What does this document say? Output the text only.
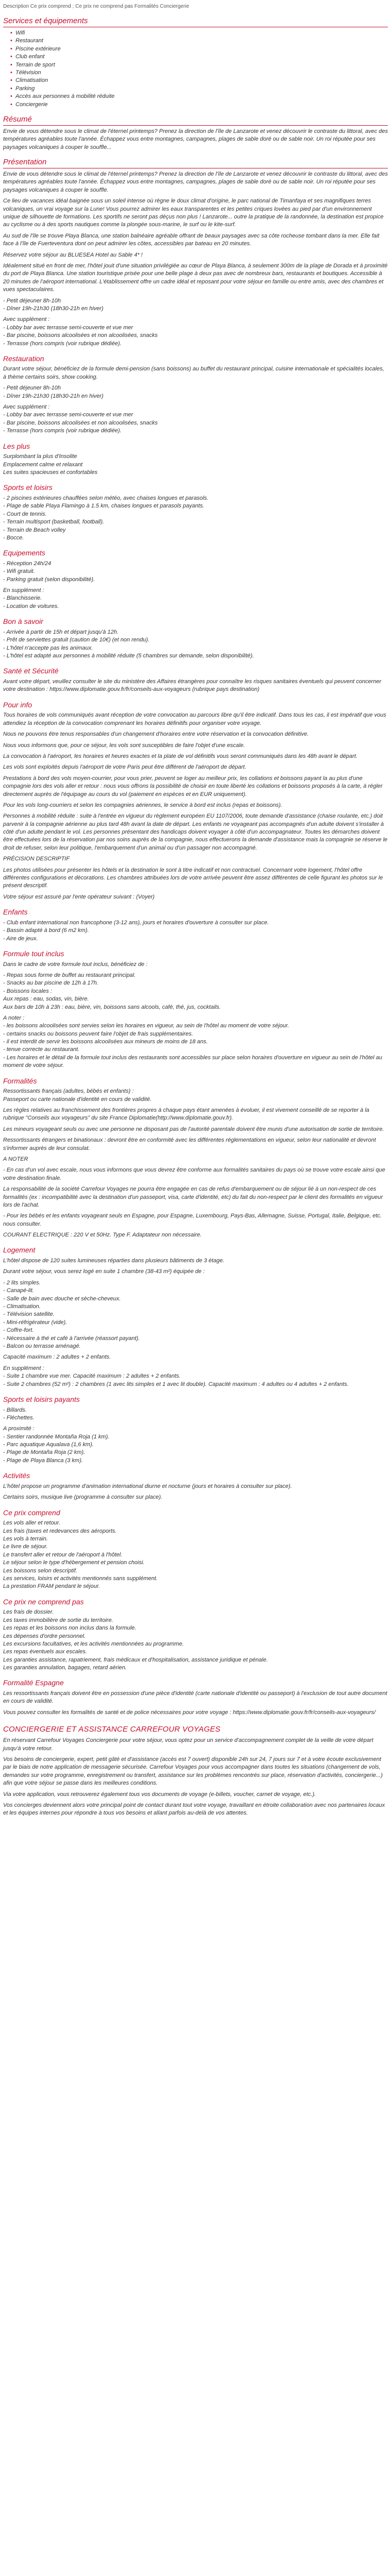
Description Ce prix comprend ; Ce prix ne comprend pas Formalités Conciergerie
Services et équipements
• Wifi
• Restaurant
• Piscine extérieure
• Club enfant
• Terrain de sport
• Télévision
• Climatisation
• Parking
• Accès aux personnes à mobilité réduite
• Conciergerie
Résumé

Envie de vous détendre sous le climat de l'éternel printemps? Prenez la direction de l'île de Lanzarote et venez découvrir le contraste du littoral, avec des températures agréables toute l'année. Échappez vous entre montagnes, campagnes, plages de sable doré ou de sable noir. Un roi réputée pour ses paysages volcaniques à couper le souffle...

Présentation

Envie de vous détendre sous le climat de l'éternel printemps? Prenez la direction de l'île de Lanzarote et venez découvrir le contraste du littoral, avec des températures agréables toute l'année. Échappez vous entre montagnes, campagnes, plages de sable doré ou de sable noir. Un roi réputée pour ses paysages volcaniques à couper le souffle.

Ce lieu de vacances idéal baignée sous un soleil intense où règne le doux climat d'origine, le parc national de Timanfaya et ses magnifiques terres volcaniques, un vrai voyage sur la Lune! Vous pourrez admirer les eaux transparentes et les petites criques lovées au pied par d'un environnement unique de silhouette de formations. Les sportifs ne seront pas déçus non plus ! Lanzarote... outre la pratique de la randonnée, la destination est propice au cyclisme ou à des sports nautiques comme la plongée sous-marine, le surf ou le kite-surf.

Au sud de l'île se trouve Playa Blanca, une station balnéaire agréable offrant de beaux paysages avec sa côte rocheuse tombant dans la mer. Elle fait face à l'île de Fuerteventura dont on peut admirer les côtes, accessibles par bateau en 20 minutes.

Réservez votre séjour au BLUESEA Hotel au Sable 4* !

Idéalement situé en front de mer, l'hôtel jouit d'une situation privilégiée au cœur de Playa Blanca, à seulement 300m de la plage de Dorada et à proximité du port de Playa Blanca. Une station touristique prisée pour une belle plage à deux pas avec de nombreux bars, restaurants et boutiques. Accessible à 20 minutes de l'aéroport international. L'établissement offre un cadre idéal et reposant pour votre séjour en famille ou entre amis, avec des chambres et vues spectaculaires.

- Petit déjeuner 8h-10h
- Dîner 19h-21h30 (18h30-21h en hiver)
Avec supplément :
- Lobby bar avec terrasse semi-couverte et vue mer
- Bar piscine, boissons alcoolisées et non alcoolisées, snacks
- Terrasse (hors compris (voir rubrique dédiée).
Restauration

Durant votre séjour, bénéficiez de la formule demi-pension (sans boissons) au buffet du restaurant principal, cuisine internationale et spécialités locales, à thème certains soirs, show cooking.

- Petit déjeuner 8h-10h
- Dîner 19h-21h30 (18h30-21h en hiver)
Avec supplément :
- Lobby bar avec terrasse semi-couverte et vue mer
- Bar piscine, boissons alcoolisées et non alcoolisées, snacks
- Terrasse (hors compris (voir rubrique dédiée).
Les plus
Surplombant la plus d'Insolite
Emplacement calme et relaxant
Les suites spacieuses et confortables
Sports et loisirs
- 2 piscines extérieures chauffées selon météo, avec chaises longues et parasols.
- Plage de sable Playa Flamingo à 1.5 km, chaises longues et parasols payants.
- Court de tennis.
- Terrain multisport (basketball, football).
- Terrain de Beach volley
- Bocce.
Equipements
- Réception 24h/24
- Wifi gratuit.
- Parking gratuit (selon disponibilité).
En supplément :
- Blanchisserie.
- Location de voitures.
Bon à savoir
- Arrivée à partir de 15h et départ jusqu'à 12h.
- Prêt de serviettes gratuit (caution de 10€) (et non rendu).
- L'hôtel n'accepte pas les animaux.
- L'hôtel est adapté aux personnes à mobilité réduite (5 chambres sur demande, selon disponibilité).
Santé et Sécurité

Avant votre départ, veuillez consulter le site du ministère des Affaires étrangères pour connaître les risques sanitaires éventuels qui peuvent concerner votre destination : https://www.diplomatie.gouv.fr/fr/conseils-aux-voyageurs (rubrique pays destination)

Pour info

Tous horaires de vols communiqués avant réception de votre convocation au parcours libre qu'il être indicatif. Dans tous les cas, il est impératif que vous attendiez la réception de la convocation comprenant les horaires définitifs pour organiser votre voyage.

Nous ne pouvons être tenus responsables d'un changement d'horaires entre votre réservation et la convocation définitive.

Nous vous informons que, pour ce séjour, les vols sont susceptibles de faire l'objet d'une escale.

La convocation à l'aéroport, les horaires et heures exactes et la plate de vol définitifs vous seront communiqués dans les 48h avant le départ.

Les vols sont exploités depuis l'aéroport de votre Paris peut être différent de l'aéroport de départ.

Prestations à bord des vols moyen-courrier, pour vous prier, peuvent se loger au meilleur prix, les collations et boissons payant la au plus d'une compagnie lors des vols aller et retour : nous vous offrons la possibilité de choisir en toute liberté les collations et boissons proposés à la carte, à régler directement auprès de l'équipage au cours du vol (paiement en espèces et en EUR uniquement).

Pour les vols long-courriers et selon les compagnies aériennes, le service à bord est inclus (repas et boissons).

Personnes à mobilité réduite : suite à l'entrée en vigueur du règlement européen EU 1107/2006, toute demande d'assistance (chaise roulante, etc.) doit parvenir à la compagnie aérienne au plus tard 48h avant la date de départ. Les enfants ne voyageant pas accompagnés d'un adulte doivent s'installer à côté d'un adulte pendant le vol. Les personnes présentant des handicaps doivent voyager à côté d'un accompagnateur. Toutes les démarches doivent être effectuées lors de la réservation par nos soins auprès de la compagnie, nous effectuerons la demande d'assistance mais la compagnie se réserve le droit de refuser, selon leur politique, l'embarquement d'un animal ou d'un passager non accompagné.

PRÉCISION DESCRIPTIF

Les photos utilisées pour présenter les hôtels et la destination le sont à titre indicatif et non contractuel. Concernant votre logement, l'hôtel offre différentes configurations et décorations. Les chambres attribuées lors de votre arrivée peuvent être assez différentes de celle figurant les photos sur le présent descriptif.

Votre séjour est assuré par l'ente opérateur suivant : (Voyer)

Enfants
- Club enfant international non francophone (3-12 ans), jours et horaires d'ouverture à consulter sur place.
- Bassin adapté à bord (6 m2 km).
- Aire de jeux.
Formule tout inclus

Dans le cadre de votre formule tout inclus, bénéficiez de :

- Repas sous forme de buffet au restaurant principal.
- Snacks au bar piscine de 12h à 17h.
- Boissons locales :
Aux repas : eau, sodas, vin, bière.
Aux bars de 10h à 23h : eau, bière, vin, boissons sans alcools, café, thé, jus, cocktails.
A noter :
- les boissons alcoolisées sont servies selon les horaires en vigueur, au sein de l'hôtel au moment de votre séjour.
- certains snacks ou boissons peuvent faire l'objet de frais supplémentaires.
- il est interdit de servir les boissons alcoolisées aux mineurs de moins de 18 ans.
- tenue correcte au restaurant.
- Les horaires et le détail de la formule tout inclus des restaurants sont accessibles sur place selon horaires d'ouverture en vigueur au sein de l'hôtel au moment de votre séjour.
Formalités
Ressortissants français (adultes, bébés et enfants) :
Passeport ou carte nationale d'identité en cours de validité.

Les règles relatives au franchissement des frontières propres à chaque pays étant amenées à évoluer, il est vivement conseillé de se reporter à la rubrique "Conseils aux voyageurs" du site France Diplomatie(http://www.diplomatie.gouv.fr).

Les mineurs voyageant seuls ou avec une personne ne disposant pas de l'autorité parentale doivent être munis d'une autorisation de sortie de territoire.

Ressortissants étrangers et binationaux : devront être en conformité avec les différentes réglementations en vigueur, selon leur nationalité et devront s'informer auprès de leur consulat.

A NOTER

- En cas d'un vol avec escale, nous vous informons que vous devrez être conforme aux formalités sanitaires du pays où se trouve votre escale ainsi que votre destination finale.

La responsabilité de la société Carrefour Voyages ne pourra être engagée en cas de refus d'embarquement ou de séjour lié à un non-respect de ces formalités (ex : incompatibilité avec la destination d'un passeport, visa, carte d'identité, etc) du fait du non-respect par le client des formalités en vigueur lors de l'achat.

- Pour les bébés et les enfants voyageant seuls en Espagne, pour Espagne, Luxembourg, Pays-Bas, Allemagne, Suisse, Portugal, Italie, Belgique, etc. nous consulter.

COURANT ELECTRIQUE : 220 V et 50Hz. Type F. Adaptateur non nécessaire.

Logement

L'hôtel dispose de 120 suites lumineuses réparties dans plusieurs bâtiments de 3 étage.

Durant votre séjour, vous serez logé en suite 1 chambre (38-43 m²) équipée de :

- 2 lits simples.
- Canapé-lit.
- Salle de bain avec douche et sèche-cheveux.
- Climatisation.
- Télévision satellite.
- Mini-réfrigérateur (vide).
- Coffre-fort.
- Nécessaire à thé et café à l'arrivée (réassort payant).
- Balcon ou terrasse aménagé.

Capacité maximum : 2 adultes + 2 enfants.

En supplément :
- Suite 1 chambre vue mer. Capacité maximum : 2 adultes + 2 enfants.
- Suite 2 chambres (52 m²) : 2 chambres (1 avec lits simples et 1 avec lit double). Capacité maximum : 4 adultes ou 4 adultes + 2 enfants.
Sports et loisirs payants
- Billards.
- Fléchettes.
A proximité :
- Sentier randonnée Montaña Roja (1 km).
- Parc aquatique Aqualava (1,6 km).
- Plage de Montaña Roja (2 km).
- Plage de Playa Blanca (3 km).
Activités

L'hôtel propose un programme d'animation international diurne et nocturne (jours et horaires à consulter sur place).

Certains soirs, musique live (programme à consulter sur place).

Ce prix comprend
Les vols aller et retour.
Les frais (taxes et redevances des aéroports.
Les vols à terrain.
Le livre de séjour.
Le transfert aller et retour de l'aéroport à l'hôtel.
Le séjour selon le type d'hébergement et pension choisi.
Les boissons selon descriptif.
Les services, loisirs et activités mentionnés sans supplément.
La prestation FRAM pendant le séjour.
Ce prix ne comprend pas
Les frais de dossier.
Les taxes immobilière de sortie du territoire.
Les repas et les boissons non inclus dans la formule.
Les dépenses d'ordre personnel.
Les excursions facultatives, et les activités mentionnées au programme.
Les repas éventuels aux escales.
Les garanties assistance, rapatriement, frais médicaux et d'hospitalisation, assistance juridique et pénale.
Les garanties annulation, bagages, retard aérien.
Formalité Espagne

Les ressortissants français doivent être en possession d'une pièce d'identité (carte nationale d'identité ou passeport) à l'exclusion de tout autre document en cours de validité.

Vous pouvez consulter les formalités de santé et de police nécessaires pour votre voyage : https://www.diplomatie.gouv.fr/fr/conseils-aux-voyageurs/

CONCIERGERIE ET ASSISTANCE CARREFOUR VOYAGES

En réservant Carrefour Voyages Conciergerie pour votre séjour, vous optez pour un service d'accompagnement complet de la veille de votre départ jusqu'à votre retour.

Vos besoins de conciergerie, expert, petit gâté et d'assistance (accès est 7 ouvert) disponible 24h sur 24, 7 jours sur 7 et à votre écoute exclusivement par le biais de notre application de messagerie sécurisée. Carrefour Voyages pour vous accompagner dans toutes les situations (changement de vols, demandes sur votre programme, enregistrement ou transfert, assistance sur les problèmes rencontrés sur place, réservation d'activités, conciergerie...) afin que votre séjour se passe dans les meilleures conditions.

Via votre application, vous retrouverez également tous vos documents de voyage (e-billets, voucher, carnet de voyage, etc.).

Vos concierges deviennent alors votre principal point de contact durant tout votre voyage, travaillant en étroite collaboration avec nos partenaires locaux et les équipes internes pour répondre à tous vos besoins et allant parfois au-delà de vos attentes.
